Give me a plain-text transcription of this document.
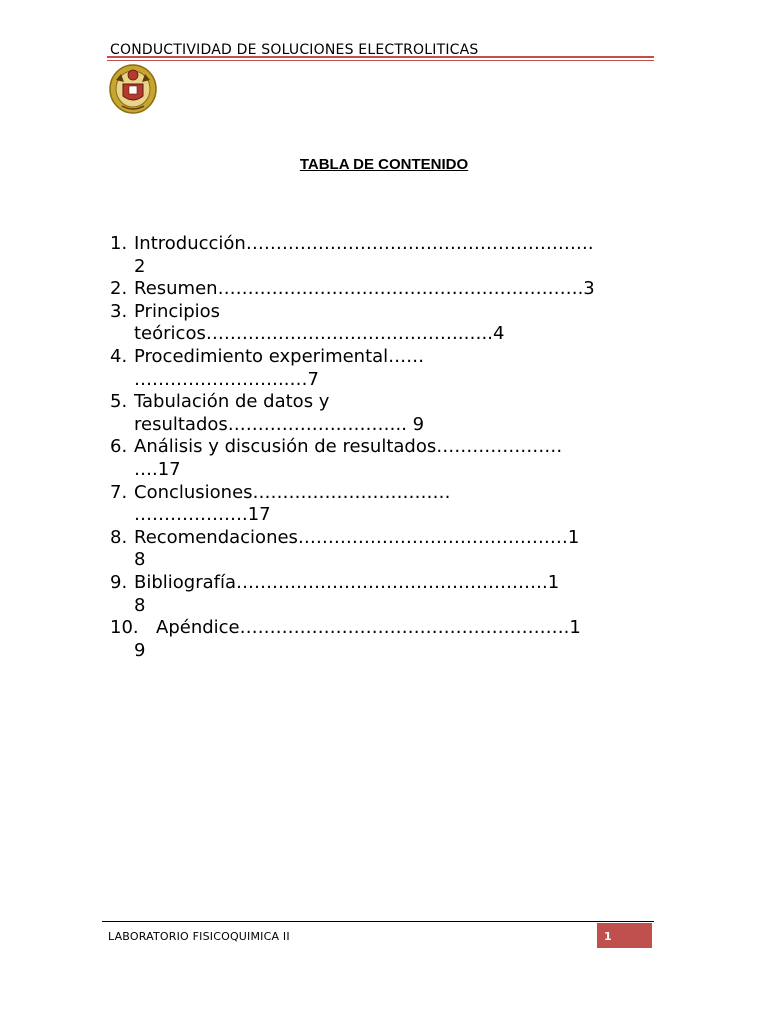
CONDUCTIVIDAD DE SOLUCIONES ELECTROLITICAS
TABLA DE CONTENIDO
1. Introducción………………………………………………….
2
2. Resumen…………………………………………………….3
3. Principios
teóricos…………………………………….…..4
4. Procedimiento experimental……
……………………..…7
5. Tabulación de datos y
resultados……………….……….. 9
6. Análisis y discusión de resultados…………………
….17
7. Conclusiones……………………………
……………….17
8. Recomendaciones………………………………………1
8
9. Bibliografía…………………………………………….1
8
10. Apéndice……………………………………………….1
9
LABORATORIO FISICOQUIMICA II	1
